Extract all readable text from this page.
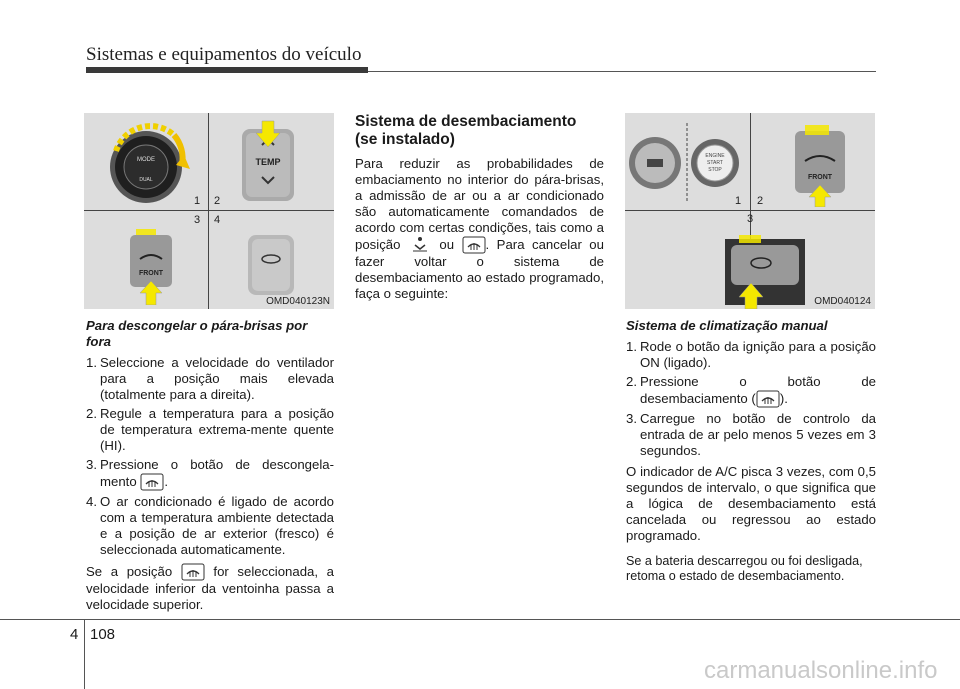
Sistemas e equipamentos do veículo
MODE
DUAL
TEMP
FRONT
1 2
3 4
OMD040123N
ENGINE
START
STOP
FRONT
1 2
3
OMD040124

Para descongelar o pára-brisas por fora

1. Seleccione a velocidade do ventilador para a posição mais elevada (totalmente para a direita).
2. Regule a temperatura para a posição de temperatura extrema-mente quente (HI).
3. Pressione o botão de descongela-mento .
4. O ar condicionado é ligado de acordo com a temperatura ambiente detectada e a posição de ar exterior (fresco) é seleccionada automaticamente.

Se a posição	for seleccionada, a velocidade inferior da ventoinha passa a velocidade superior.

Sistema de desembaciamento
(se instalado)

Para reduzir as probabilidades de embaciamento no interior do pára-brisas, a admissão de ar ou a ar condicionado são automaticamente comandados de acordo com certas condições, tais como a posição	ou . Para cancelar ou fazer voltar o sistema de desembaciamento ao estado programado, faça o seguinte:

Sistema de climatização manual

1. Rode o botão da ignição para a posição ON (ligado).
2. Pressione o botão de desembaciamento ( ).
3. Carregue no botão de controlo da entrada de ar pelo menos 5 vezes em 3 segundos.

O indicador de A/C pisca 3 vezes, com 0,5 segundos de intervalo, o que significa que a lógica de desembaciamento está cancelada ou regressou ao estado programado.

Se a bateria descarregou ou foi desligada, retoma o estado de desembaciamento.

4 108
carmanualsonline.info
